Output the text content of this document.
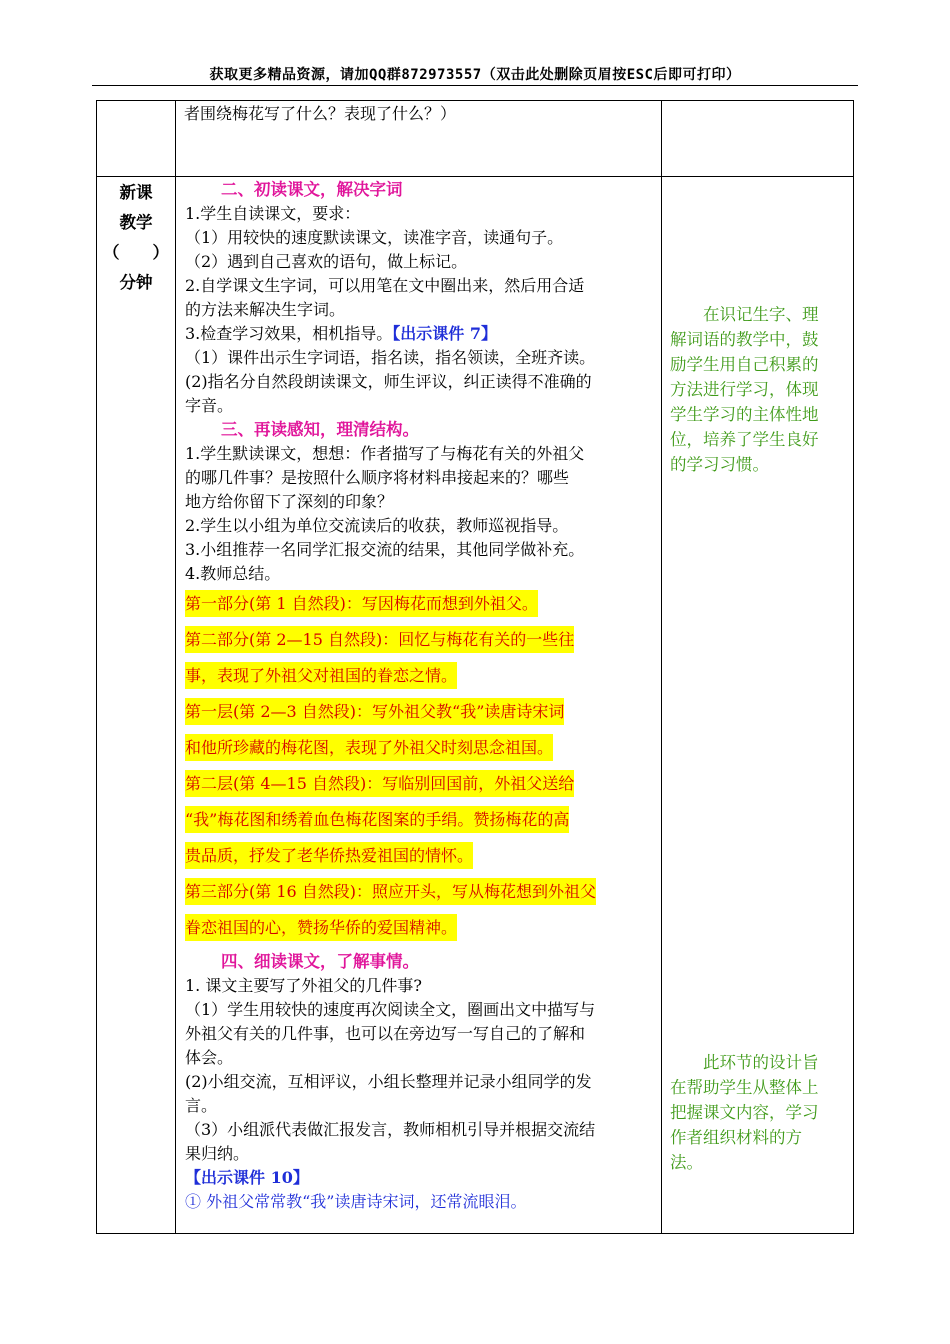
获取更多精品资源，请加QQ群872973557（双击此处删除页眉按ESC后即可打印）

者围绕梅花写了什么？表现了什么？）

新课
教学
（　　）
分钟

二、初读课文，解决字词

1.学生自读课文，要求：

（1）用较快的速度默读课文，读准字音，读通句子。

（2）遇到自己喜欢的语句，做上标记。

2.自学课文生字词，可以用笔在文中圈出来，然后用合适

的方法来解决生字词。

3.检查学习效果，相机指导。【出示课件 7】

（1）课件出示生字词语，指名读，指名领读，全班齐读。

(2)指名分自然段朗读课文，师生评议，纠正读得不准确的

字音。

三、再读感知，理清结构。

1.学生默读课文，想想：作者描写了与梅花有关的外祖父

的哪几件事？是按照什么顺序将材料串接起来的？哪些

地方给你留下了深刻的印象？

2.学生以小组为单位交流读后的收获，教师巡视指导。

3.小组推荐一名同学汇报交流的结果，其他同学做补充。

4.教师总结。

第一部分(第 1 自然段)：写因梅花而想到外祖父。

第二部分(第 2—15 自然段)：回忆与梅花有关的一些往

事，表现了外祖父对祖国的眷恋之情。

第一层(第 2—3 自然段)：写外祖父教“我”读唐诗宋词

和他所珍藏的梅花图，表现了外祖父时刻思念祖国。

第二层(第 4—15 自然段)：写临别回国前，外祖父送给

“我”梅花图和绣着血色梅花图案的手绢。赞扬梅花的高

贵品质，抒发了老华侨热爱祖国的情怀。

第三部分(第 16 自然段)：照应开头，写从梅花想到外祖父

眷恋祖国的心，赞扬华侨的爱国精神。

四、细读课文，了解事情。

1. 课文主要写了外祖父的几件事?

（1）学生用较快的速度再次阅读全文，圈画出文中描写与

外祖父有关的几件事，也可以在旁边写一写自己的了解和

体会。

(2)小组交流，互相评议，小组长整理并记录小组同学的发

言。

（3）小组派代表做汇报发言，教师相机引导并根据交流结

果归纳。

【出示课件 10】

① 外祖父常常教“我”读唐诗宋词，还常流眼泪。

　　在识记生字、理
解词语的教学中，鼓
励学生用自己积累的
方法进行学习，体现
学生学习的主体性地
位，培养了学生良好
的学习习惯。
　　此环节的设计旨
在帮助学生从整体上
把握课文内容，学习
作者组织材料的方
法。
